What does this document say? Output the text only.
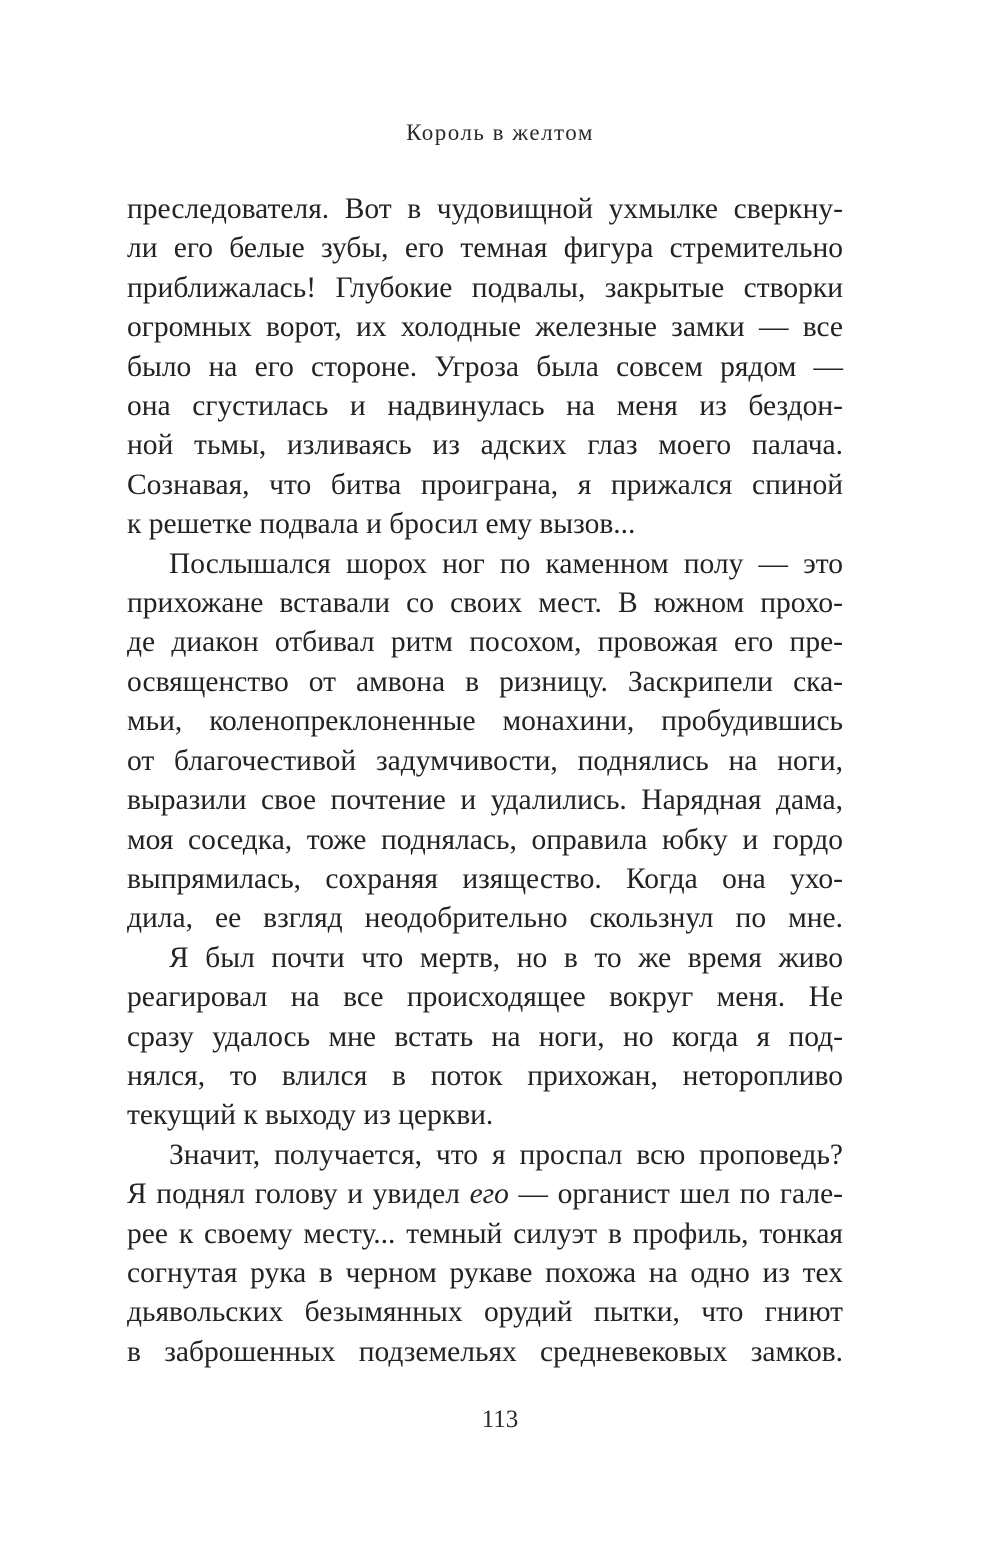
Король в желтом

преследователя. Вот в чудовищной ухмылке сверкну-

ли его белые зубы, его темная фигура стремительно

приближалась! Глубокие подвалы, закрытые створки

огромных ворот, их холодные железные замки — все

было на его стороне. Угроза была совсем рядом —

она сгустилась и надвинулась на меня из бездон-

ной тьмы, изливаясь из адских глаз моего палача.

Сознавая, что битва проиграна, я прижался спиной

к решетке подвала и бросил ему вызов...

Послышался шорох ног по каменном полу — это

прихожане вставали со своих мест. В южном прохо-

де диакон отбивал ритм посохом, провожая его пре-

освященство от амвона в ризницу. Заскрипели ска-

мьи, коленопреклоненные монахини, пробудившись

от благочестивой задумчивости, поднялись на ноги,

выразили свое почтение и удалились. Нарядная дама,

моя соседка, тоже поднялась, оправила юбку и гордо

выпрямилась, сохраняя изящество. Когда она ухо-

дила, ее взгляд неодобрительно скользнул по мне.

Я был почти что мертв, но в то же время живо

реагировал на все происходящее вокруг меня. Не

сразу удалось мне встать на ноги, но когда я под-

нялся, то влился в поток прихожан, неторопливо

текущий к выходу из церкви.

Значит, получается, что я проспал всю проповедь?

Я поднял голову и увидел его — органист шел по гале-

рее к своему месту... темный силуэт в профиль, тонкая

согнутая рука в черном рукаве похожа на одно из тех

дьявольских безымянных орудий пытки, что гниют

в заброшенных подземельях средневековых замков.

113
